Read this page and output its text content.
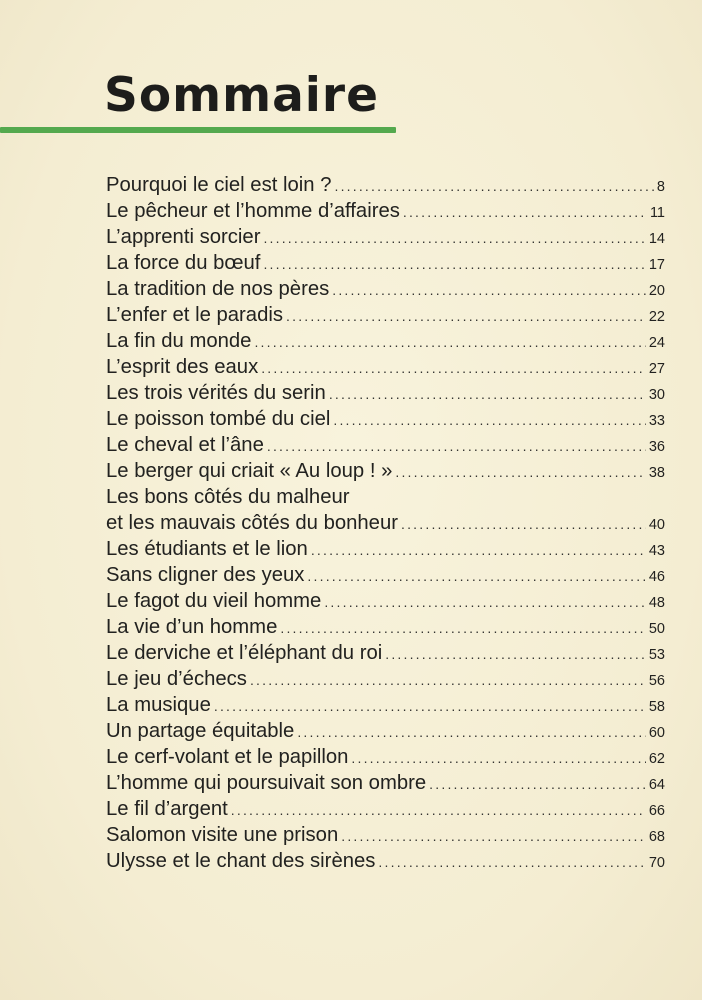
Sommaire
Pourquoi le ciel est loin ? .....	8
Le pêcheur et l’homme d’affaires .....	11
L’apprenti sorcier .....	14
La force du bœuf .....	17
La tradition de nos pères .....	20
L’enfer et le paradis .....	22
La fin du monde .....	24
L’esprit des eaux .....	27
Les trois vérités du serin .....	30
Le poisson tombé du ciel .....	33
Le cheval et l’âne .....	36
Le berger qui criait « Au loup ! » .....	38
Les bons côtés du malheur
et les mauvais côtés du bonheur .....	40
Les étudiants et le lion .....	43
Sans cligner des yeux .....	46
Le fagot du vieil homme .....	48
La vie d’un homme .....	50
Le derviche et l’éléphant du roi .....	53
Le jeu d’échecs .....	56
La musique .....	58
Un partage équitable .....	60
Le cerf-volant et le papillon .....	62
L’homme qui poursuivait son ombre .....	64
Le fil d’argent .....	66
Salomon visite une prison .....	68
Ulysse et le chant des sirènes .....	70
